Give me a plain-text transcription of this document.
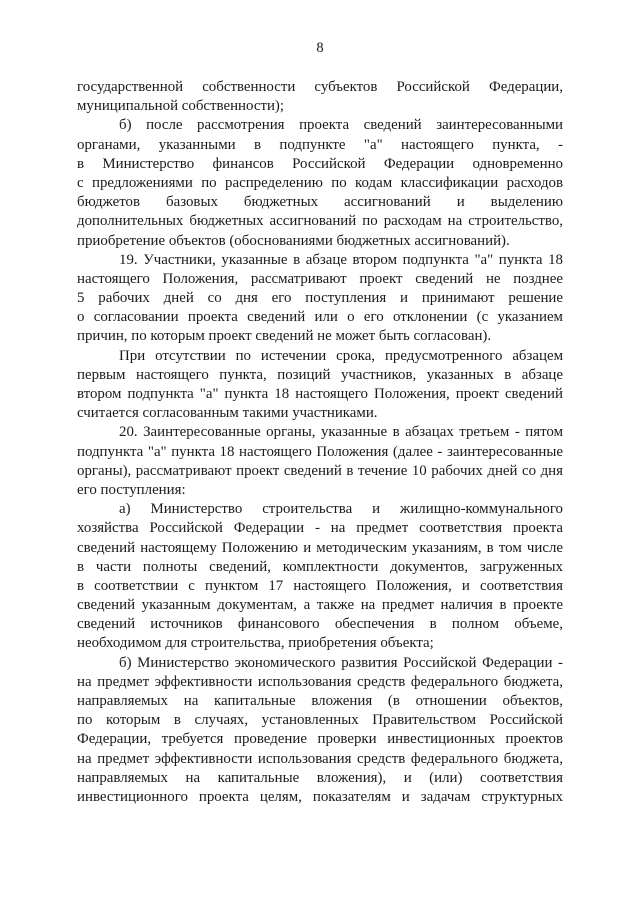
8
государственной собственности субъектов Российской Федерации,
муниципальной собственности);
б) после рассмотрения проекта сведений заинтересованными
органами, указанными в подпункте "а" настоящего пункта, -
в Министерство финансов Российской Федерации одновременно
с предложениями по распределению по кодам классификации расходов
бюджетов базовых бюджетных ассигнований и выделению
дополнительных бюджетных ассигнований по расходам на строительство,
приобретение объектов (обоснованиями бюджетных ассигнований).
19. Участники, указанные в абзаце втором подпункта "а" пункта 18
настоящего Положения, рассматривают проект сведений не позднее
5 рабочих дней со дня его поступления и принимают решение
о согласовании проекта сведений или о его отклонении (с указанием
причин, по которым проект сведений не может быть согласован).
При отсутствии по истечении срока, предусмотренного абзацем
первым настоящего пункта, позиций участников, указанных в абзаце
втором подпункта "а" пункта 18 настоящего Положения, проект сведений
считается согласованным такими участниками.
20. Заинтересованные органы, указанные в абзацах третьем - пятом
подпункта "а" пункта 18 настоящего Положения (далее - заинтересованные
органы), рассматривают проект сведений в течение 10 рабочих дней со дня
его поступления:
а) Министерство строительства и жилищно-коммунального
хозяйства Российской Федерации - на предмет соответствия проекта
сведений настоящему Положению и методическим указаниям, в том числе
в части полноты сведений, комплектности документов, загруженных
в соответствии с пунктом 17 настоящего Положения, и соответствия
сведений указанным документам, а также на предмет наличия в проекте
сведений источников финансового обеспечения в полном объеме,
необходимом для строительства, приобретения объекта;
б) Министерство экономического развития Российской Федерации -
на предмет эффективности использования средств федерального бюджета,
направляемых на капитальные вложения (в отношении объектов,
по которым в случаях, установленных Правительством Российской
Федерации, требуется проведение проверки инвестиционных проектов
на предмет эффективности использования средств федерального бюджета,
направляемых на капитальные вложения), и (или) соответствия
инвестиционного проекта целям, показателям и задачам структурных
